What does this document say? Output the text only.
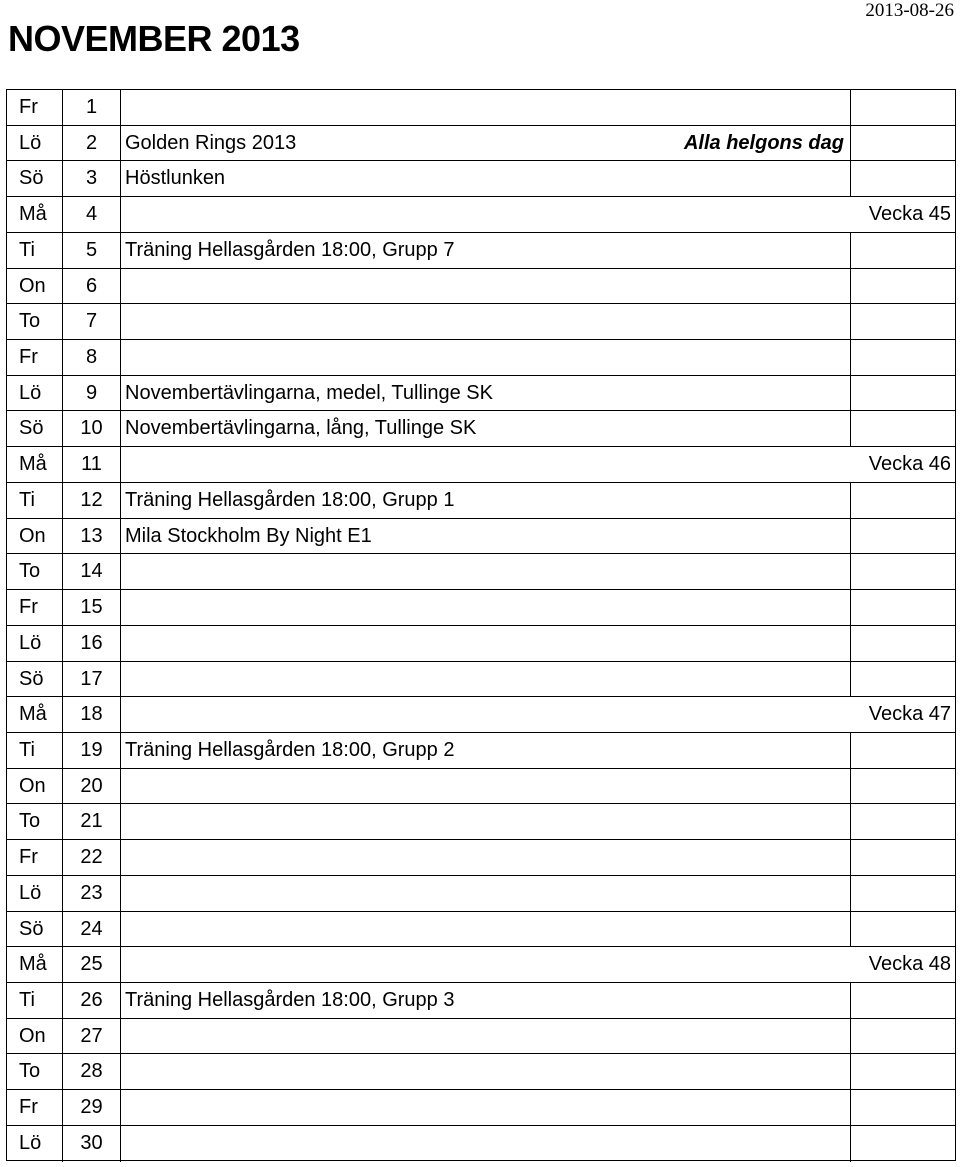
NOVEMBER 2013
2013-08-26
Fr	1
Lö	2	Golden Rings 2013	Alla helgons dag
Sö	3	Höstlunken
Må	4	Vecka 45
Ti	5	Träning Hellasgården 18:00, Grupp 7
On	6
To	7
Fr	8
Lö	9	Novembertävlingarna, medel, Tullinge SK
Sö	10	Novembertävlingarna, lång, Tullinge SK
Må	11	Vecka 46
Ti	12	Träning Hellasgården 18:00, Grupp 1
On	13	Mila Stockholm By Night E1
To	14
Fr	15
Lö	16
Sö	17
Må	18	Vecka 47
Ti	19	Träning Hellasgården 18:00, Grupp 2
On	20
To	21
Fr	22
Lö	23
Sö	24
Må	25	Vecka 48
Ti	26	Träning Hellasgården 18:00, Grupp 3
On	27
To	28
Fr	29
Lö	30
